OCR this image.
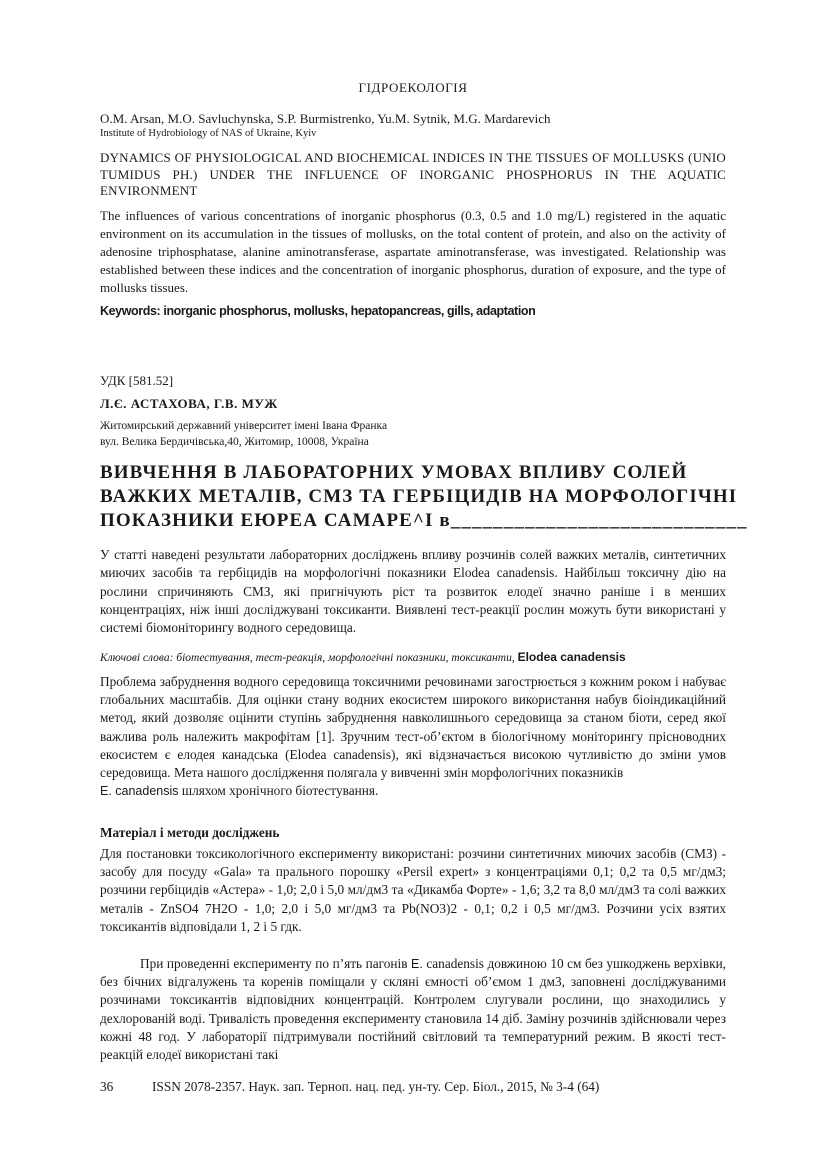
ГІДРОЕКОЛОГІЯ
O.M. Arsan, M.O. Savluchynska, S.P. Burmistrenko, Yu.M. Sytnik, M.G. Mardarevich
Institute of Hydrobiology of NAS of Ukraine, Kyiv
DYNAMICS OF PHYSIOLOGICAL AND BIOCHEMICAL INDICES IN THE TISSUES OF MOLLUSKS (UNIO TUMIDUS PH.) UNDER THE INFLUENCE OF INORGANIC PHOSPHORUS IN THE AQUATIC ENVIRONMENT
The influences of various concentrations of inorganic phosphorus (0.3, 0.5 and 1.0 mg/L) registered in the aquatic environment on its accumulation in the tissues of mollusks, on the total content of protein, and also on the activity of adenosine triphosphatase, alanine aminotransferase, aspartate aminotransferase, was investigated. Relationship was established between these indices and the concentration of inorganic phosphorus, duration of exposure, and the type of mollusks tissues.
Keywords: inorganic phosphorus, mollusks, hepatopancreas, gills, adaptation
УДК [581.52]
Л.Є. АСТАХОВА, Г.В. МУЖ
Житомирський державний університет імені Івана Франка
вул. Велика Бердичівська,40, Житомир, 10008, Україна
ВИВЧЕННЯ В ЛАБОРАТОРНИХ УМОВАХ ВПЛИВУ СОЛЕЙ
ВАЖКИХ МЕТАЛІВ, СМЗ ТА ГЕРБІЦИДІВ НА МОРФОЛОГІЧНІ
ПОКАЗНИКИ ЕЮРЕА САМАРЕ^І в____________________________
У статті наведені результати лабораторних досліджень впливу розчинів солей важких металів, синтетичних миючих засобів та гербіцидів на морфологічні показники Elodea canadensis. Найбільш токсичну дію на рослини спричиняють СМЗ, які пригнічують ріст та розвиток елодеї значно раніше і в менших концентраціях, ніж інші досліджувані токсиканти. Виявлені тест-реакції рослин можуть бути використані у системі біомоніторингу водного середовища.
Ключові слова: біотестування, тест-реакція, морфологічні показники, токсиканти, Elodea canadensis
Проблема забруднення водного середовища токсичними речовинами загострюється з кожним роком і набуває глобальних масштабів. Для оцінки стану водних екосистем широкого використання набув біоіндикаційний метод, який дозволяє оцінити ступінь забруднення навколишнього середовища за станом біоти, серед якої важлива роль належить макрофітам [1]. Зручним тест-об’єктом в біологічному моніторингу прісноводних екосистем є елодея канадська (Elodea canadensis), які відзначається високою чутливістю до зміни умов середовища. Мета нашого дослідження полягала у вивченні змін морфологічних показників
E. canadensis шляхом хронічного біотестування.
Матеріал і методи досліджень
Для постановки токсикологічного експерименту використані: розчини синтетичних миючих засобів (СМЗ) - засобу для посуду «Gala» та прального порошку «Persil expert» з концентраціями 0,1; 0,2 та 0,5 мг/дм3; розчини гербіцидів «Астера» - 1,0; 2,0 і 5,0 мл/дм3 та «Дикамба Форте» - 1,6; 3,2 та 8,0 мл/дм3 та солі важких металів - ZnSO4 7H2O - 1,0; 2,0 і 5,0 мг/дм3 та Pb(NO3)2 - 0,1; 0,2 і 0,5 мг/дм3. Розчини усіх взятих токсикантів відповідали 1, 2 і 5 гдк.
При проведенні експерименту по п’ять пагонів E. canadensis довжиною 10 см без ушкоджень верхівки, без бічних відгалужень та коренів поміщали у скляні ємності об’ємом 1 дм3, заповнені досліджуваними розчинами токсикантів відповідних концентрацій. Контролем слугували рослини, що знаходились у дехлорованій воді. Тривалість проведення експерименту становила 14 діб. Заміну розчинів здійснювали через кожні 48 год. У лабораторії підтримували постійний світловий та температурний режим. В якості тест-реакцій елодеї використані такі
36	ISSN 2078-2357. Наук. зап. Терноп. нац. пед. ун-ту. Сер. Біол., 2015, № 3-4 (64)
